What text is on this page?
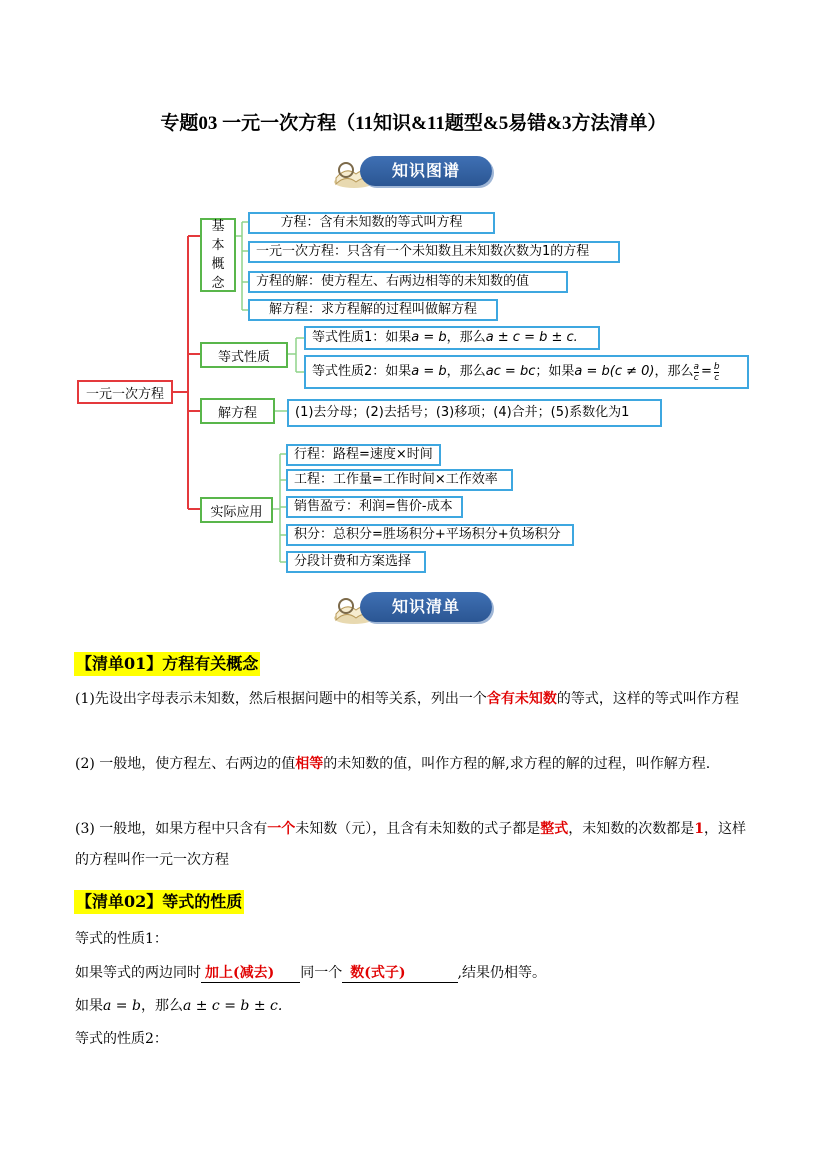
专题03 一元一次方程（11知识&11题型&5易错&3方法清单）
知识图谱
一元一次方程
基
本
概
念
方程：含有未知数的等式叫方程
一元一次方程：只含有一个未知数且未知数次数为1的方程
方程的解：使方程左、右两边相等的未知数的值
解方程：求方程解的过程叫做解方程
等式性质
等式性质1：如果 a = b ，那么 a ± c = b ± c.
等式性质2：如果 a = b ，那么 ac = bc ；如果 a = b(c ≠ 0) ，那么 $\frac{a}{c} = \frac{b}{c}$
解方程	(1)去分母；(2)去括号；(3)移项；(4)合并；(5)系数化为1
实际应用
行程：路程=速度×时间
工程：工作量=工作时间×工作效率
销售盈亏：利润=售价-成本
积分：总积分=胜场积分+平场积分+负场积分
分段计费和方案选择
知识清单
【清单01】方程有关概念
(1)先设出字母表示未知数，然后根据问题中的相等关系，列出一个含有未知数的等式，这样的等式叫作方程
(2) 一般地，使方程左、右两边的值相等的未知数的值，叫作方程的解,求方程的解的过程，叫作解方程.
(3) 一般地，如果方程中只含有一个未知数（元），且含有未知数的式子都是整式，未知数的次数都是1，这样的方程叫作一元一次方程
【清单02】等式的性质
等式的性质1：
如果等式的两边同时 加上(减去) 同一个 数(式子)	,结果仍相等。
如果a = b，那么a ± c = b ± c.
等式的性质2：
